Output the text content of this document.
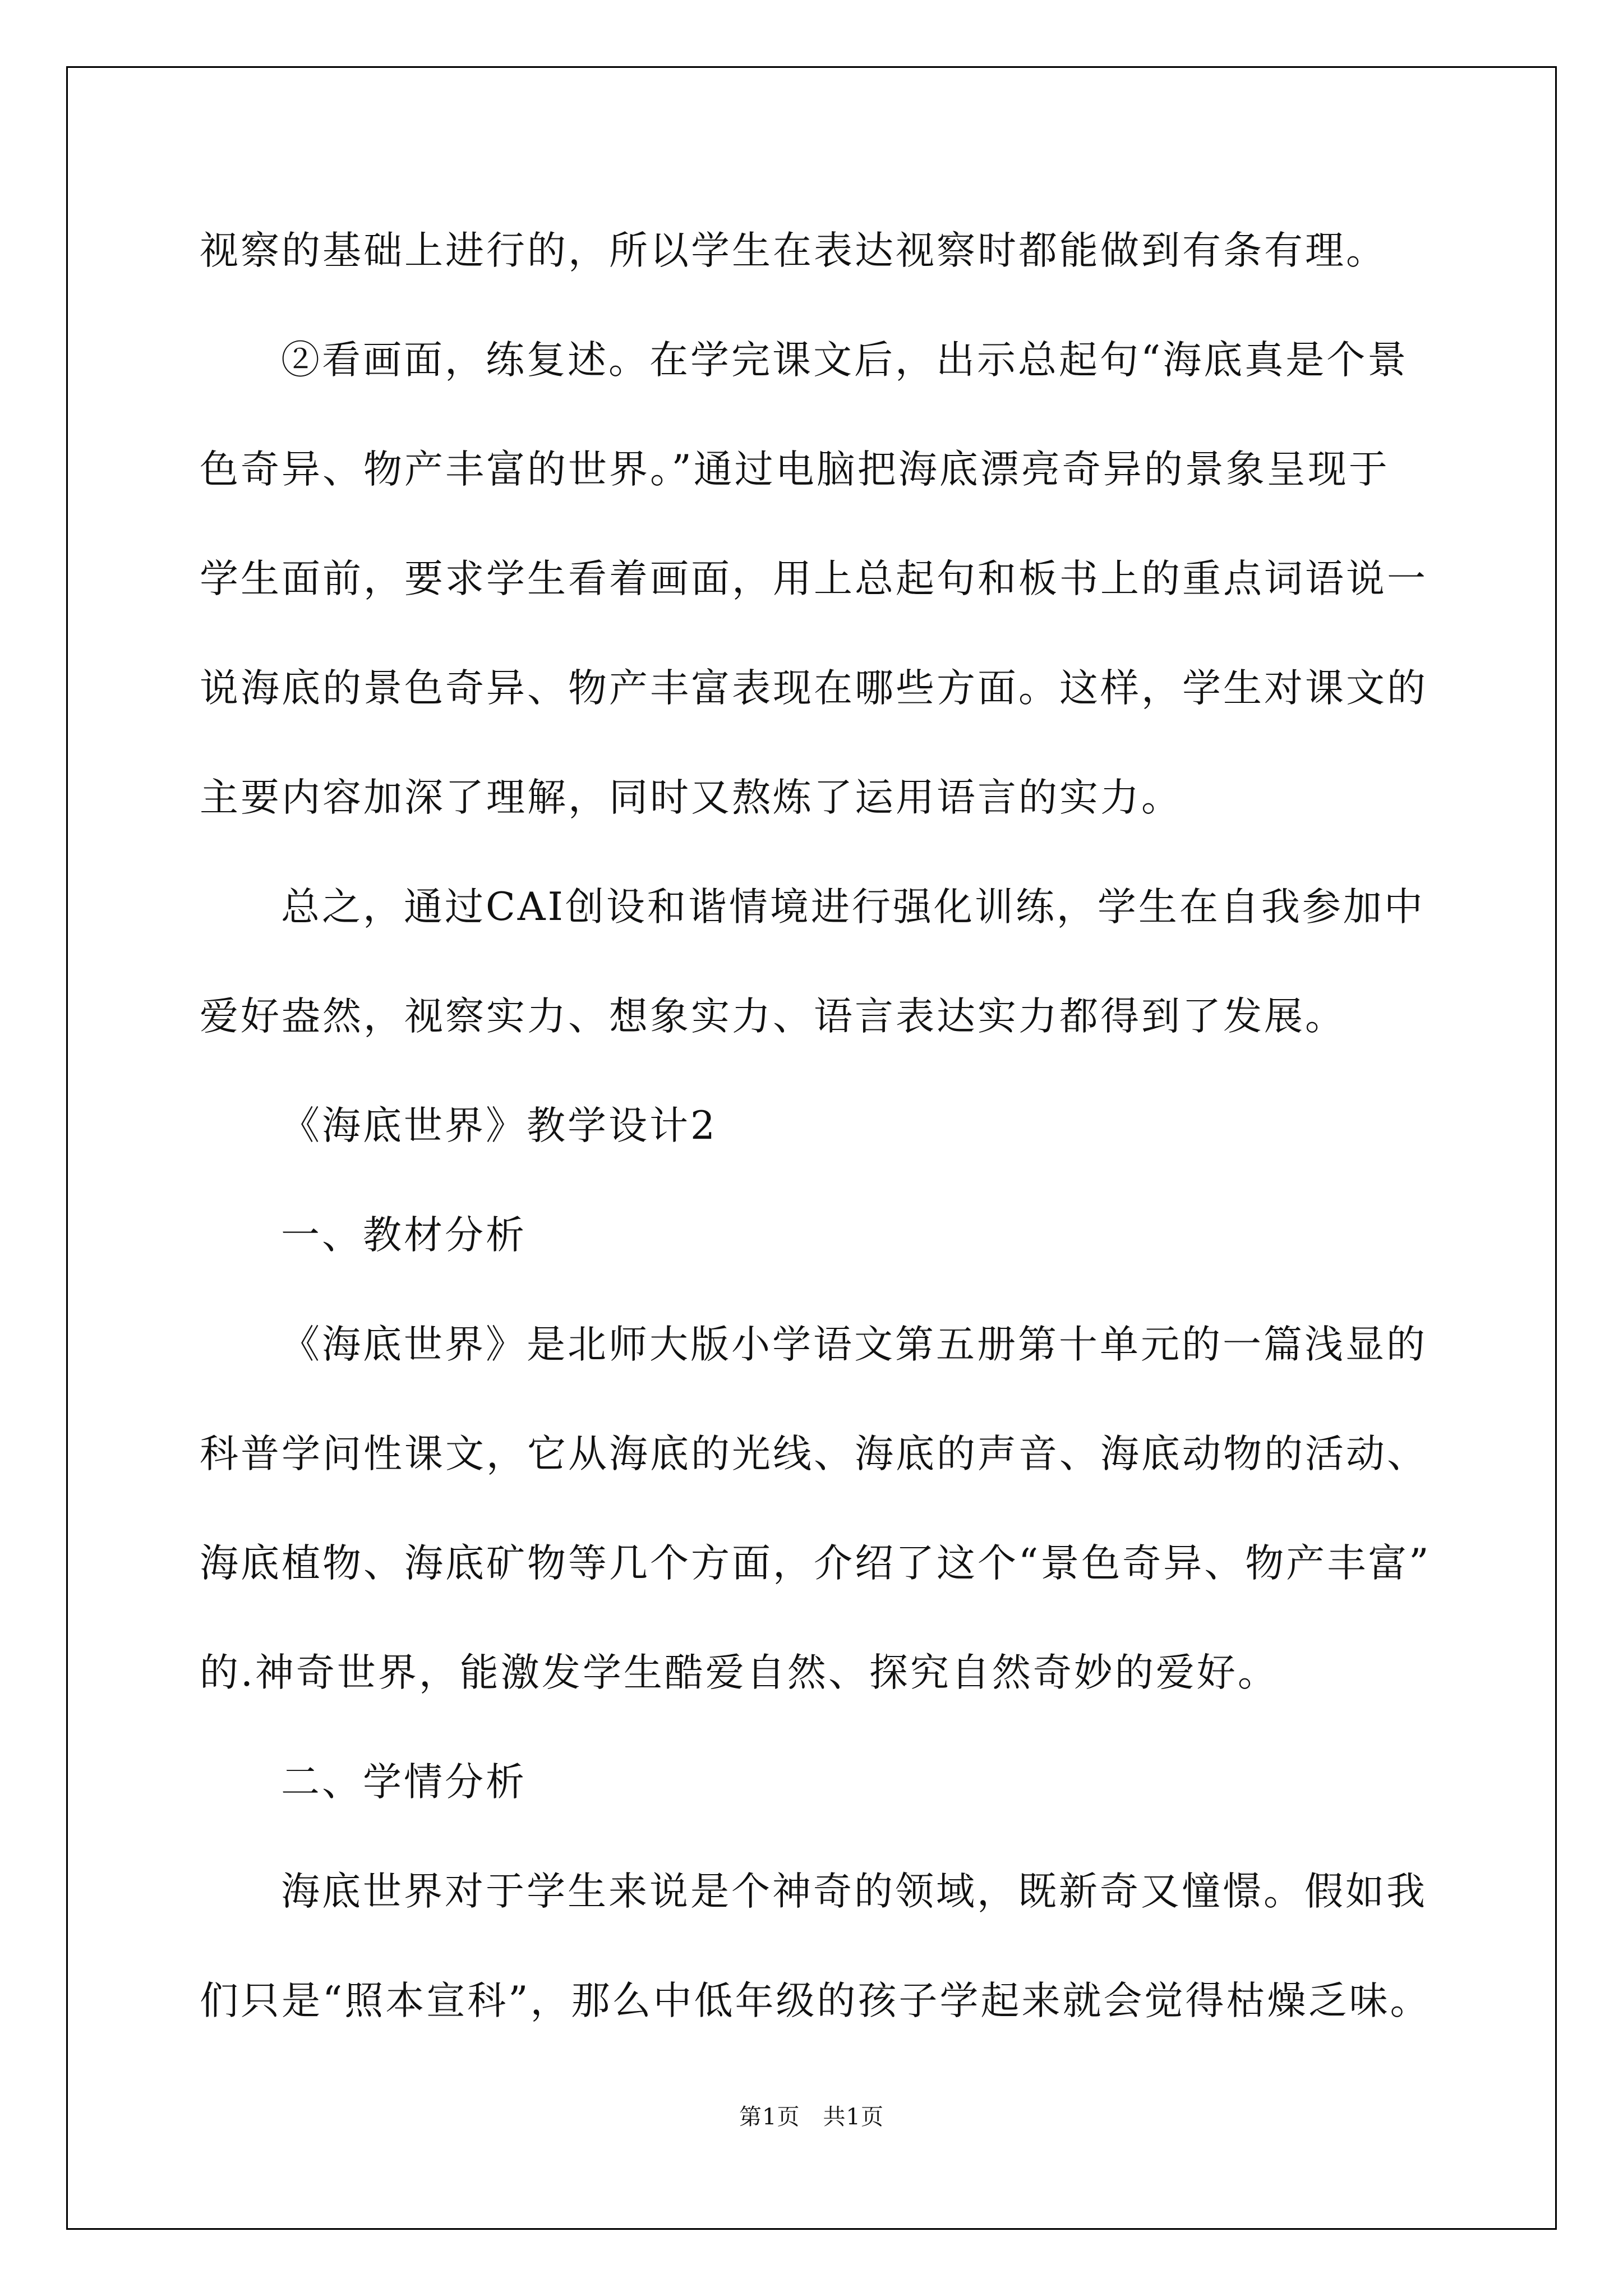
视察的基础上进行的，所以学生在表达视察时都能做到有条有理。
②看画面，练复述。在学完课文后，出示总起句“海底真是个景
色奇异、物产丰富的世界。”通过电脑把海底漂亮奇异的景象呈现于
学生面前，要求学生看着画面，用上总起句和板书上的重点词语说一
说海底的景色奇异、物产丰富表现在哪些方面。这样，学生对课文的
主要内容加深了理解，同时又熬炼了运用语言的实力。
总之，通过CAI创设和谐情境进行强化训练，学生在自我参加中
爱好盎然，视察实力、想象实力、语言表达实力都得到了发展。
《海底世界》教学设计2
一、教材分析
《海底世界》是北师大版小学语文第五册第十单元的一篇浅显的
科普学问性课文，它从海底的光线、海底的声音、海底动物的活动、
海底植物、海底矿物等几个方面，介绍了这个“景色奇异、物产丰富”
的.神奇世界，能激发学生酷爱自然、探究自然奇妙的爱好。
二、学情分析
海底世界对于学生来说是个神奇的领域，既新奇又憧憬。假如我
们只是“照本宣科”，那么中低年级的孩子学起来就会觉得枯燥乏味。
第1页　共1页
